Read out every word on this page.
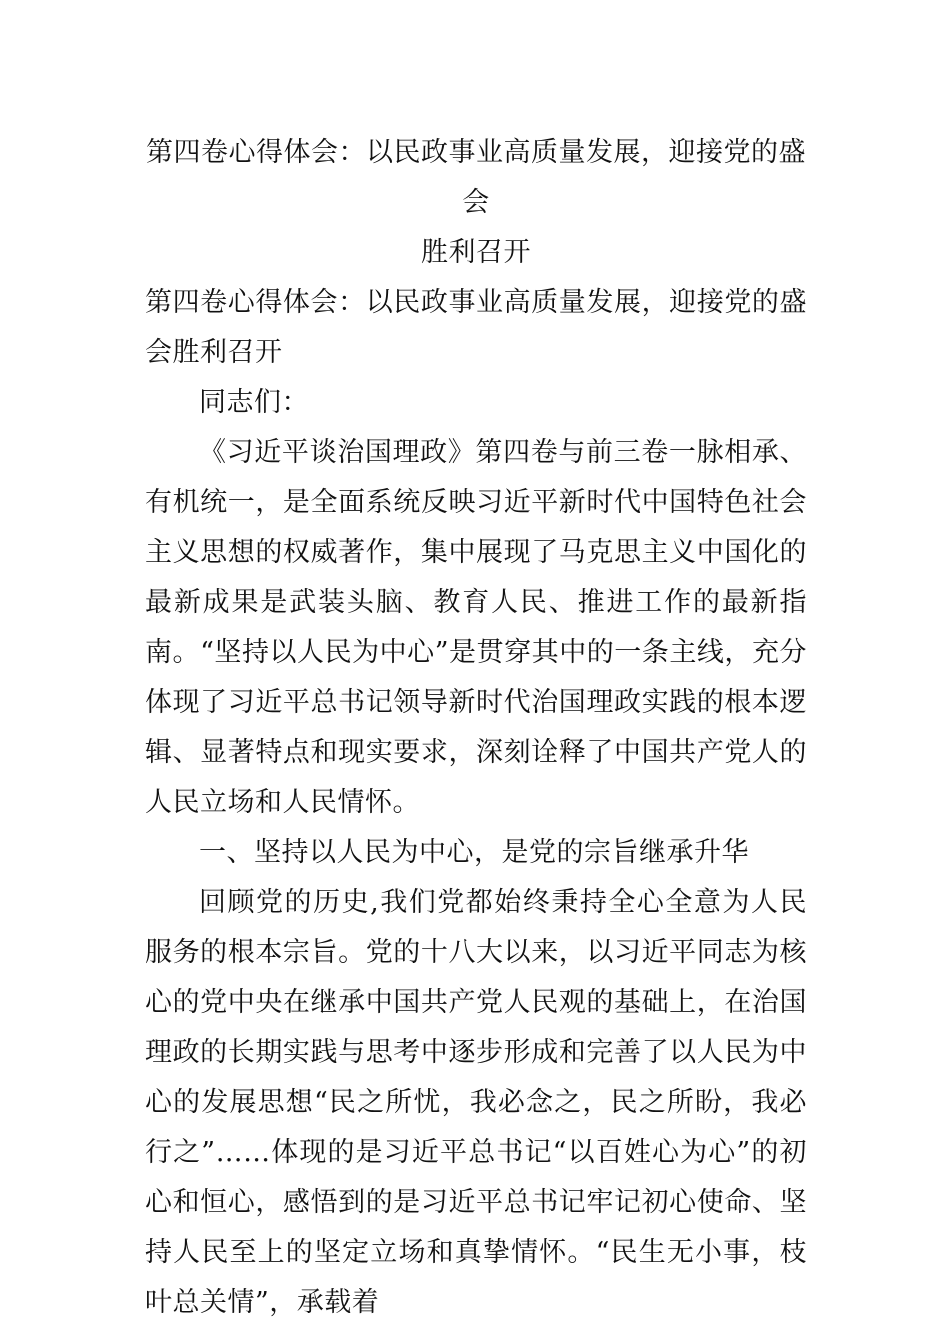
第四卷心得体会：以民政事业高质量发展，迎接党的盛会

胜利召开

第四卷心得体会：以民政事业高质量发展，迎接党的盛会胜利召开

同志们：

《习近平谈治国理政》第四卷与前三卷一脉相承、有机统一，是全面系统反映习近平新时代中国特色社会主义思想的权威著作，集中展现了马克思主义中国化的最新成果是武装头脑、教育人民、推进工作的最新指南。“坚持以人民为中心”是贯穿其中的一条主线，充分体现了习近平总书记领导新时代治国理政实践的根本逻辑、显著特点和现实要求，深刻诠释了中国共产党人的人民立场和人民情怀。

一、坚持以人民为中心，是党的宗旨继承升华

回顾党的历史,我们党都始终秉持全心全意为人民服务的根本宗旨。党的十八大以来，以习近平同志为核心的党中央在继承中国共产党人民观的基础上，在治国理政的长期实践与思考中逐步形成和完善了以人民为中心的发展思想“民之所忧，我必念之，民之所盼，我必行之”……体现的是习近平总书记“以百姓心为心”的初心和恒心，感悟到的是习近平总书记牢记初心使命、坚持人民至上的坚定立场和真挚情怀。“民生无小事，枝叶总关情”，承载着
